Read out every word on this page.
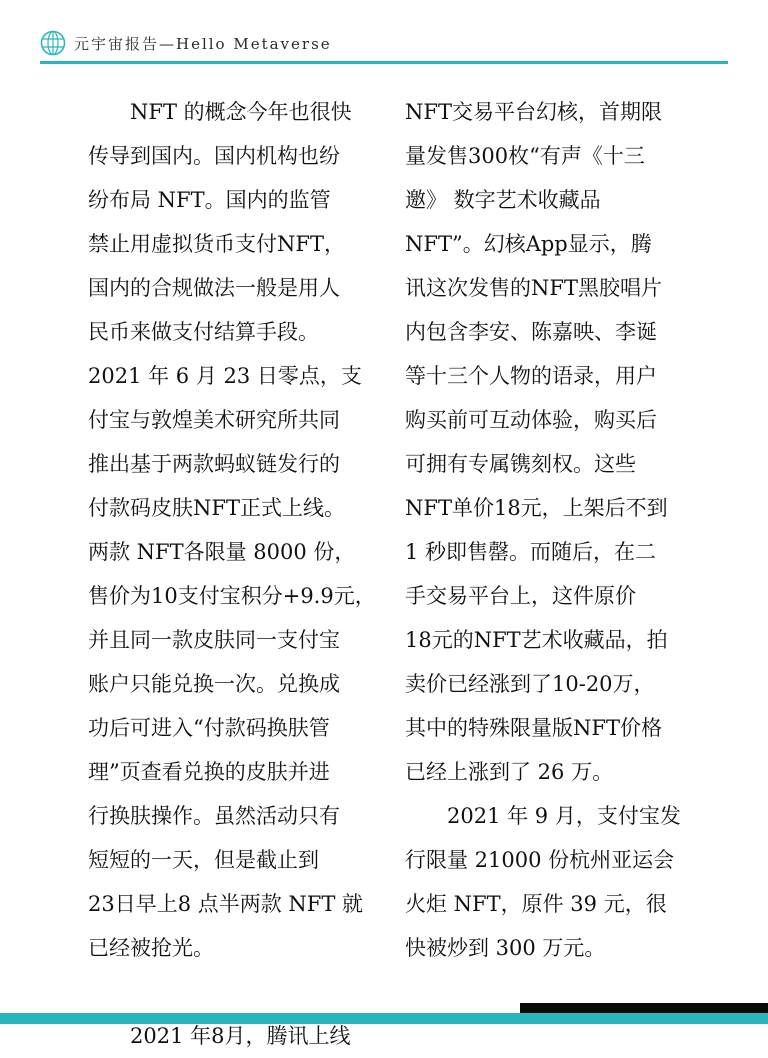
元宇宙报告—Hello Metaverse
　　NFT 的概念今年也很快
传导到国内。国内机构也纷
纷布局 NFT。国内的监管
禁止用虚拟货币支付NFT，
国内的合规做法一般是用人
民币来做支付结算手段。
2021 年 6 月 23 日零点，支
付宝与敦煌美术研究所共同
推出基于两款蚂蚁链发行的
付款码皮肤NFT正式上线。
两款 NFT各限量 8000 份，
售价为10支付宝积分+9.9元，
并且同一款皮肤同一支付宝
账户只能兑换一次。兑换成
功后可进入“付款码换肤管
理”页查看兑换的皮肤并进
行换肤操作。虽然活动只有
短短的一天，但是截止到
23日早上8 点半两款 NFT 就
已经被抢光。
　　2021 年8月，腾讯上线
NFT交易平台幻核，首期限
量发售300枚“有声《十三
邀》 数字艺术收藏品
NFT”。幻核App显示，腾
讯这次发售的NFT黑胶唱片
内包含李安、陈嘉映、李诞
等十三个人物的语录，用户
购买前可互动体验，购买后
可拥有专属镌刻权。这些
NFT单价18元，上架后不到
1 秒即售罄。而随后，在二
手交易平台上，这件原价
18元的NFT艺术收藏品，拍
卖价已经涨到了10-20万，
其中的特殊限量版NFT价格
已经上涨到了 26 万。
　　2021 年 9 月，支付宝发
行限量 21000 份杭州亚运会
火炬 NFT，原件 39 元，很
快被炒到 300 万元。
